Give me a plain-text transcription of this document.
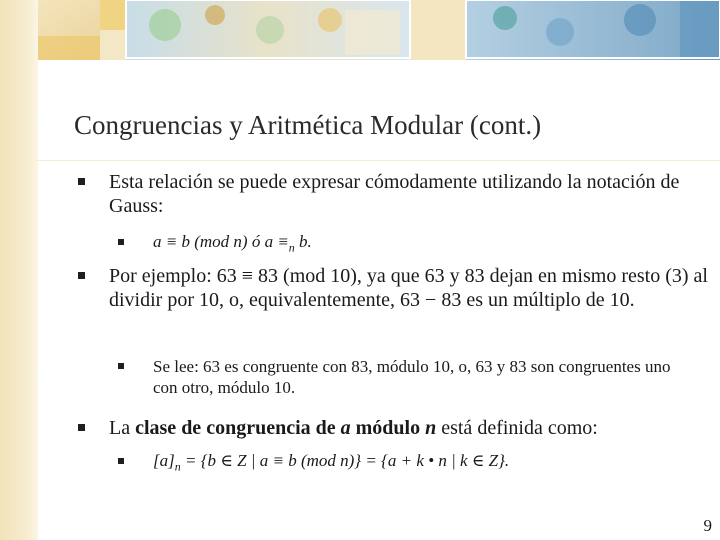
Congruencias y Aritmética Modular (cont.)
Esta relación se puede expresar cómodamente utilizando la notación de Gauss:
a ≡ b (mod n) ó $a \equiv_n$ b.
Por ejemplo: 63 ≡ 83 (mod 10), ya que 63 y 83 dejan en mismo resto (3) al dividir por 10, o, equivalentemente, 63 − 83 es un múltiplo de 10.
Se lee: 63 es congruente con 83, módulo 10, o, 63 y 83 son congruentes uno con otro, módulo 10.
La clase de congruencia de a módulo n está definida como:
$[a]_n = \{b$ ∈ Z | a ≡ b (mod n)} = {a + k • n | k ∈ Z}.
9
